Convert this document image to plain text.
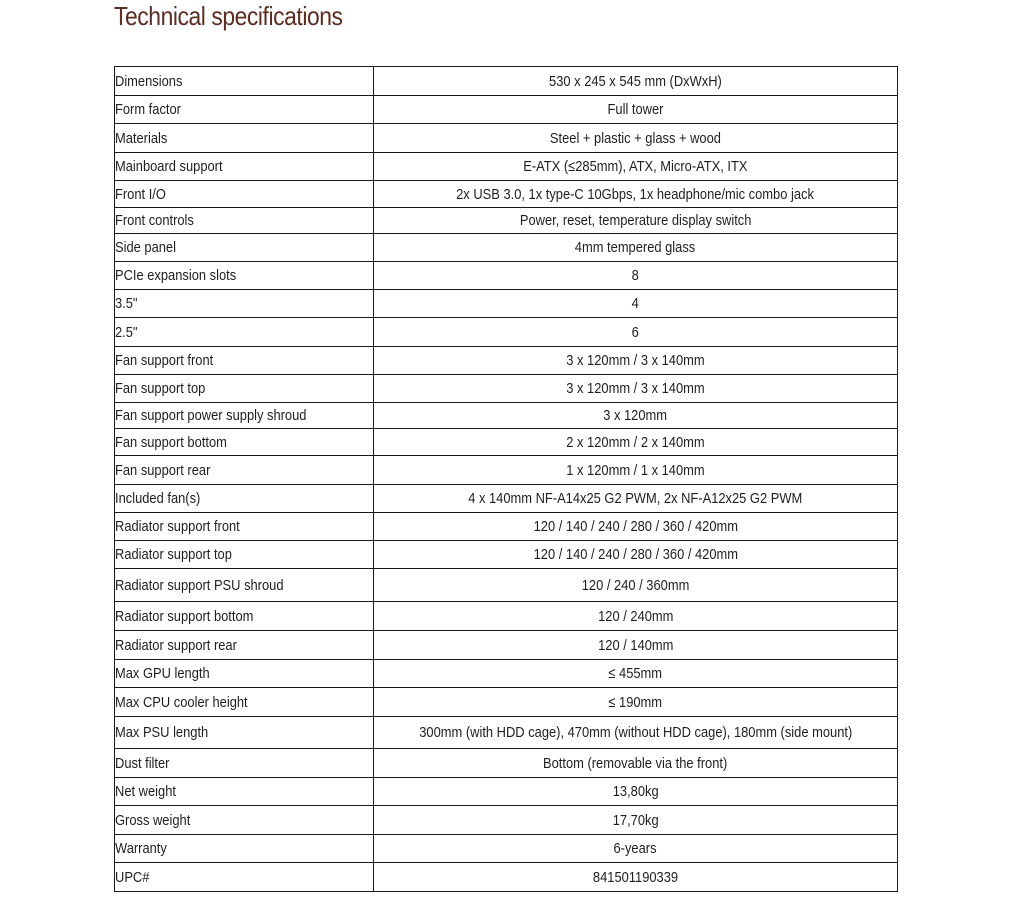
Technical specifications
Dimensions	530 x 245 x 545 mm (DxWxH)
Form factor	Full tower
Materials	Steel + plastic + glass + wood
Mainboard support	E-ATX (≤285mm), ATX, Micro-ATX, ITX
Front I/O	2x USB 3.0, 1x type-C 10Gbps, 1x headphone/mic combo jack
Front controls	Power, reset, temperature display switch
Side panel	4mm tempered glass
PCIe expansion slots	8
3.5"	4
2.5"	6
Fan support front	3 x 120mm / 3 x 140mm
Fan support top	3 x 120mm / 3 x 140mm
Fan support power supply shroud	3 x 120mm
Fan support bottom	2 x 120mm / 2 x 140mm
Fan support rear	1 x 120mm / 1 x 140mm
Included fan(s)	4 x 140mm NF-A14x25 G2 PWM, 2x NF-A12x25 G2 PWM
Radiator support front	120 / 140 / 240 / 280 / 360 / 420mm
Radiator support top	120 / 140 / 240 / 280 / 360 / 420mm
Radiator support PSU shroud	120 / 240 / 360mm
Radiator support bottom	120 / 240mm
Radiator support rear	120 / 140mm
Max GPU length	≤ 455mm
Max CPU cooler height	≤ 190mm
Max PSU length	300mm (with HDD cage), 470mm (without HDD cage), 180mm (side mount)
Dust filter	Bottom (removable via the front)
Net weight	13,80kg
Gross weight	17,70kg
Warranty	6-years
UPC#	841501190339
